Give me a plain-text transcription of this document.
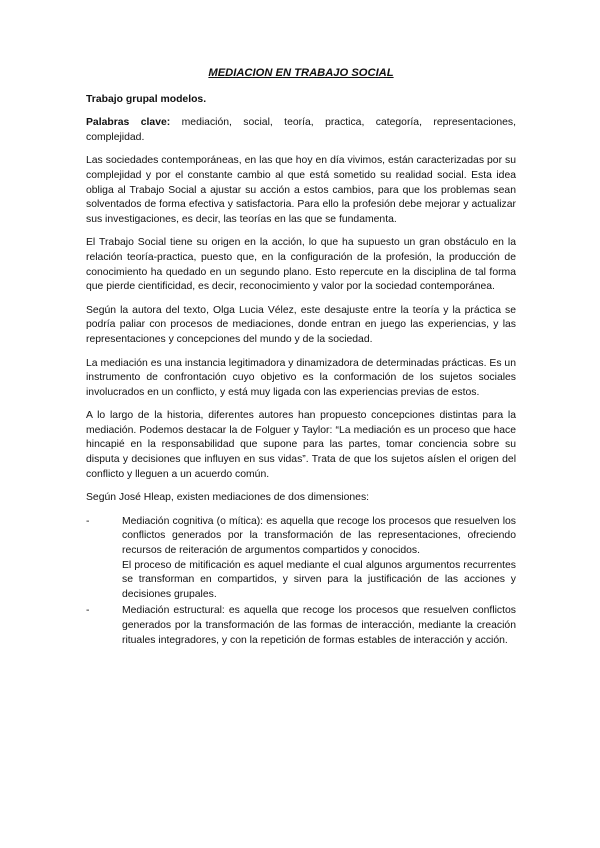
MEDIACION EN TRABAJO SOCIAL
Trabajo grupal modelos.

Palabras clave: mediación, social, teoría, practica, categoría, representaciones, complejidad.

Las sociedades contemporáneas, en las que hoy en día vivimos, están caracterizadas por su complejidad y por el constante cambio al que está sometido su realidad social. Esta idea obliga al Trabajo Social a ajustar su acción a estos cambios, para que los problemas sean solventados de forma efectiva y satisfactoria. Para ello la profesión debe mejorar y actualizar sus investigaciones, es decir, las teorías en las que se fundamenta.

El Trabajo Social tiene su origen en la acción, lo que ha supuesto un gran obstáculo en la relación teoría-practica, puesto que, en la configuración de la profesión, la producción de conocimiento ha quedado en un segundo plano. Esto repercute en la disciplina de tal forma que pierde cientificidad, es decir, reconocimiento y valor por la sociedad contemporánea.

Según la autora del texto, Olga Lucia Vélez, este desajuste entre la teoría y la práctica se podría paliar con procesos de mediaciones, donde entran en juego las experiencias, y las representaciones y concepciones del mundo y de la sociedad.

La mediación es una instancia legitimadora y dinamizadora de determinadas prácticas. Es un instrumento de confrontación cuyo objetivo es la conformación de los sujetos sociales involucrados en un conflicto, y está muy ligada con las experiencias previas de estos.

A lo largo de la historia, diferentes autores han propuesto concepciones distintas para la mediación. Podemos destacar la de Folguer y Taylor: “La mediación es un proceso que hace hincapié en la responsabilidad que supone para las partes, tomar conciencia sobre su disputa y decisiones que influyen en sus vidas”. Trata de que los sujetos aíslen el origen del conflicto y lleguen a un acuerdo común.

Según José Hleap, existen mediaciones de dos dimensiones:
-	Mediación cognitiva (o mítica): es aquella que recoge los procesos que resuelven los conflictos generados por la transformación de las representaciones, ofreciendo recursos de reiteración de argumentos compartidos y conocidos.

El proceso de mitificación es aquel mediante el cual algunos argumentos recurrentes se transforman en compartidos, y sirven para la justificación de las acciones y decisiones grupales.

-	Mediación estructural: es aquella que recoge los procesos que resuelven conflictos generados por la transformación de las formas de interacción, mediante la creación rituales integradores, y con la repetición de formas estables de interacción y acción.
